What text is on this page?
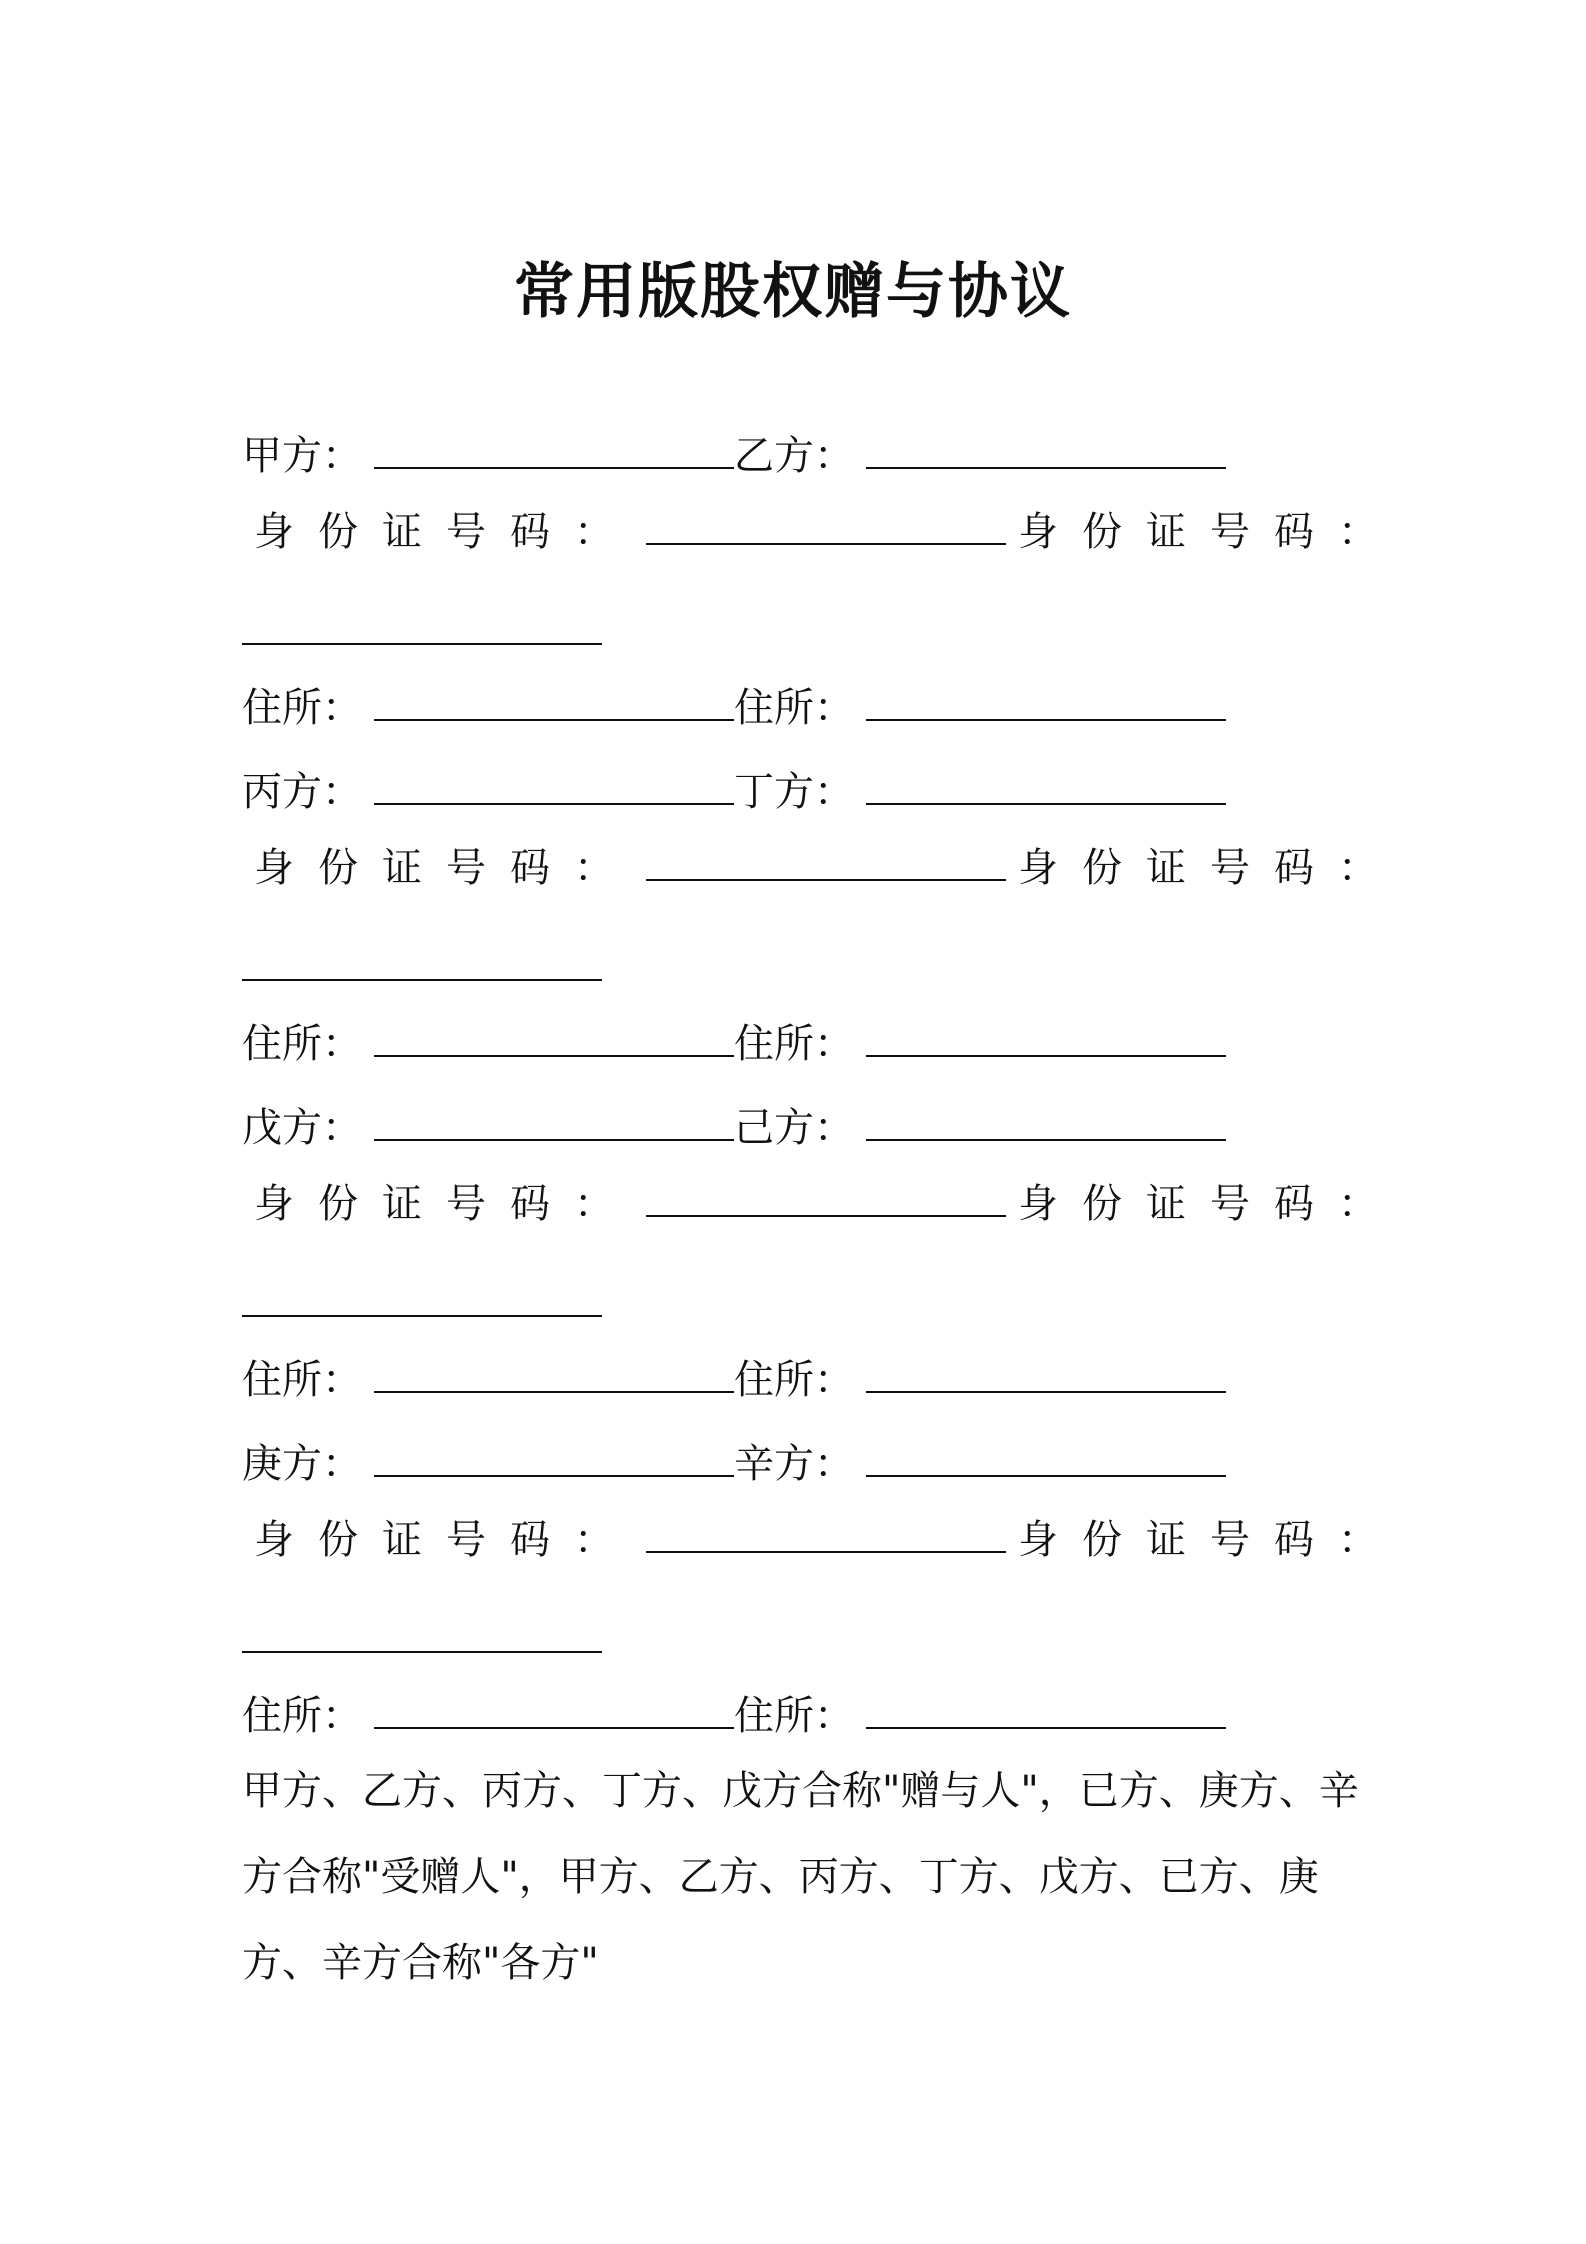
常用版股权赠与协议
甲方：	乙方：
身 份 证 号 码 ：	身 份 证 号 码 ：
住所：	住所：
丙方：	丁方：
身 份 证 号 码 ：	身 份 证 号 码 ：
住所：	住所：
戊方：	己方：
身 份 证 号 码 ：	身 份 证 号 码 ：
住所：	住所：
庚方：	辛方：
身 份 证 号 码 ：	身 份 证 号 码 ：
住所：	住所：
甲方、乙方、丙方、丁方、戊方合称"赠与人"，已方、庚方、辛方合称"受赠人"，甲方、乙方、丙方、丁方、戊方、已方、庚方、辛方合称"各方"
